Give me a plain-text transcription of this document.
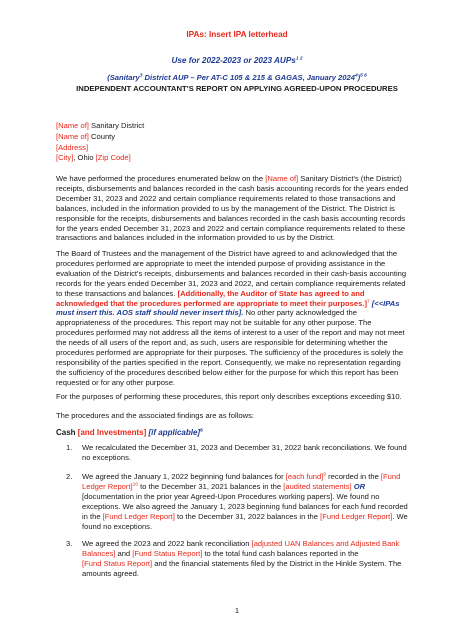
IPAs: Insert IPA letterhead
Use for 2022-2023 or 2023 AUPs$^{1 2}$
(Sanitary$^3$ District AUP – Per AT-C 105 & 215 & GAGAS, January 2024$^4$)$^{5 6}$
INDEPENDENT ACCOUNTANT'S REPORT ON APPLYING AGREED-UPON PROCEDURES
[Name of] Sanitary District
[Name of] County
[Address]
[City], Ohio [Zip Code]
We have performed the procedures enumerated below on the [Name of] Sanitary District's (the District)
receipts, disbursements and balances recorded in the cash basis accounting records for the years ended
December 31, 2023 and 2022 and certain compliance requirements related to those transactions and
balances, included in the information provided to us by the management of the District. The District is
responsible for the receipts, disbursements and balances recorded in the cash basis accounting records
for the years ended December 31, 2023 and 2022 and certain compliance requirements related to these
transactions and balances included in the information provided to us by the District.
The Board of Trustees and the management of the District have agreed to and acknowledged that the
procedures performed are appropriate to meet the intended purpose of providing assistance in the
evaluation of the District's receipts, disbursements and balances recorded in their cash-basis accounting
records for the years ended December 31, 2023 and 2022, and certain compliance requirements related
to these transactions and balances. [Additionally, the Auditor of State has agreed to and
acknowledged that the procedures performed are appropriate to meet their purposes.]$^7$ [<<IPAs
must insert this. AOS staff should never insert this]. No other party acknowledged the
appropriateness of the procedures. This report may not be suitable for any other purpose. The
procedures performed may not address all the items of interest to a user of the report and may not meet
the needs of all users of the report and, as such, users are responsible for determining whether the
procedures performed are appropriate for their purposes. The sufficiency of the procedures is solely the
responsibility of the parties specified in the report. Consequently, we make no representation regarding
the sufficiency of the procedures described below either for the purpose for which this report has been
requested or for any other purpose.
For the purposes of performing these procedures, this report only describes exceptions exceeding $10.
The procedures and the associated findings are as follows:
Cash [and Investments] [if applicable]$^8$
1. We recalculated the December 31, 2023 and December 31, 2022 bank reconciliations. We found
no exceptions.
2. We agreed the January 1, 2022 beginning fund balances for [each fund]$^9$ recorded in the [Fund
Ledger Report]$^{10}$ to the December 31, 2021 balances in the [audited statements] OR
[documentation in the prior year Agreed-Upon Procedures working papers]. We found no
exceptions. We also agreed the January 1, 2023 beginning fund balances for each fund recorded
in the [Fund Ledger Report] to the December 31, 2022 balances in the [Fund Ledger Report]. We
found no exceptions.
3. We agreed the 2023 and 2022 bank reconciliation [adjusted UAN Balances and Adjusted Bank
Balances] and [Fund Status Report] to the total fund cash balances reported in the
[Fund Status Report] and the financial statements filed by the District in the Hinkle System. The
amounts agreed.
1
